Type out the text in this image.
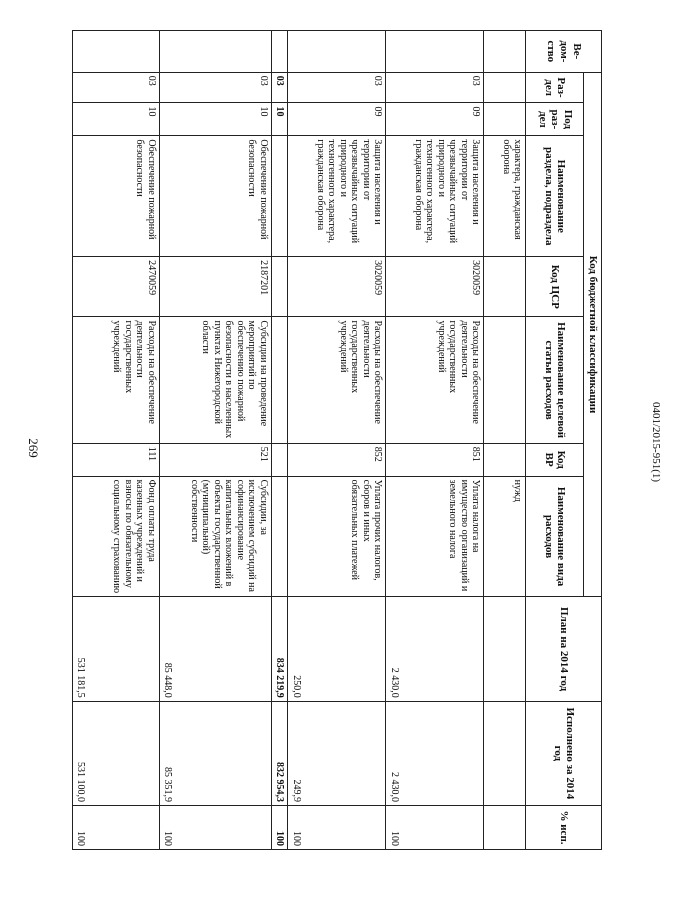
269	0401/2015-951(1)
Ве-дом-ство	Код бюджетной классификации							План на 2014 год	Исполнено за 2014 год	% исп.
	Раз-дел	Под раз-дел	Наименование раздела, подраздела	Код ЦСР	Наименование целевой статьи расходов	Код ВР	Наименование вида расходов			
			характера, гражданская оборона				нужд			
	03	09	Защита населения и территории от чрезвычайных ситуаций природного и техногенного характера, гражданская оборона	3020059	Расходы на обеспечение деятельности государственных учреждений	851	Уплата налога на имущество организаций и земельного налога	2 430,0	2 430,0	100
	03	09	Защита населения и территории от чрезвычайных ситуаций природного и техногенного характера, гражданская оборона	3020059	Расходы на обеспечение деятельности государственных учреждений	852	Уплата прочих налогов, сборов и иных обязательных платежей	250,0	249,9	100
	03	10						834 219,9	832 954,3	100
	03	10	Обеспечение пожарной безопасности	2187201	Субсидии на проведение мероприятий по обеспечению пожарной безопасности в населенных пунктах Нижегородской области	521	Субсидии, за исключением субсидий на софинансирование капитальных вложений в объекты государственной (муниципальной) собственности	85 448,0	85 351,9	100
	03	10	Обеспечение пожарной безопасности	2470059	Расходы на обеспечение деятельности государственных учреждений	111	Фонд оплаты труда казенных учреждений и взносы по обязательному социальному страхованию	531 181,5	531 100,0	100
